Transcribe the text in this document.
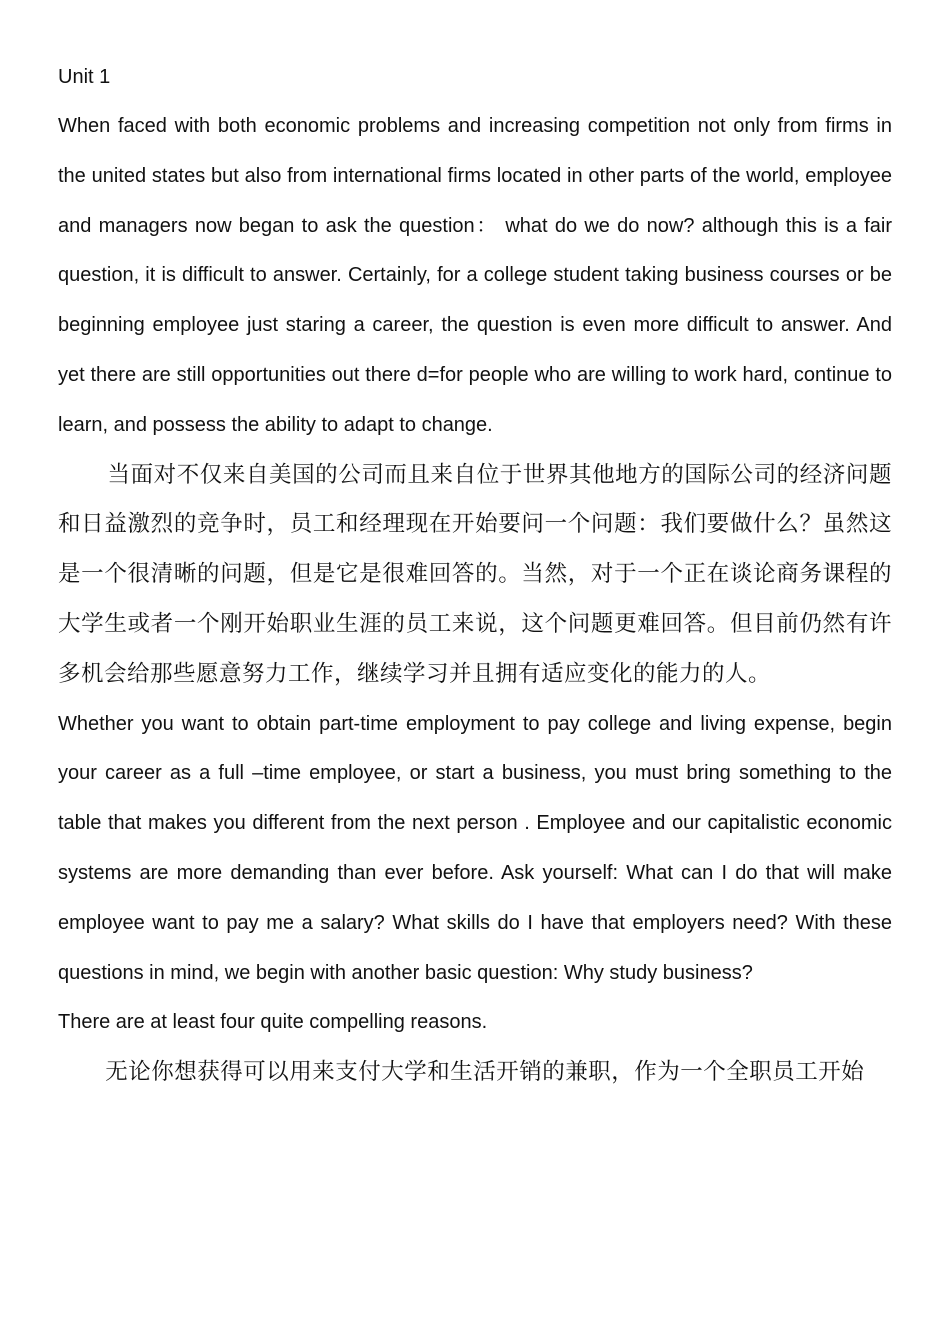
Unit 1

When faced with both economic problems and increasing competition not only from firms in the united states but also from international firms located in other parts of the world, employee and managers now began to ask the question： what do we do now? although this is a fair question, it is difficult to answer. Certainly, for a college student taking business courses or be beginning employee just staring a career, the question is even more difficult to answer. And yet there are still opportunities out there d=for people who are willing to work hard, continue to learn, and possess the ability to adapt to change.

当面对不仅来自美国的公司而且来自位于世界其他地方的国际公司的经济问题和日益激烈的竞争时，员工和经理现在开始要问一个问题：我们要做什么？虽然这是一个很清晰的问题，但是它是很难回答的。当然，对于一个正在谈论商务课程的大学生或者一个刚开始职业生涯的员工来说，这个问题更难回答。但目前仍然有许多机会给那些愿意努力工作，继续学习并且拥有适应变化的能力的人。

Whether you want to obtain part-time employment to pay college and living expense, begin your career as a full –time employee, or start a business, you must bring something to the table that makes you different from the next person . Employee and our capitalistic economic systems are more demanding than ever before. Ask yourself: What can I do that will make employee want to pay me a salary? What skills do I have that employers need? With these questions in mind, we begin with another basic question: Why study business?

There are at least four quite compelling reasons.

无论你想获得可以用来支付大学和生活开销的兼职，作为一个全职员工开始
